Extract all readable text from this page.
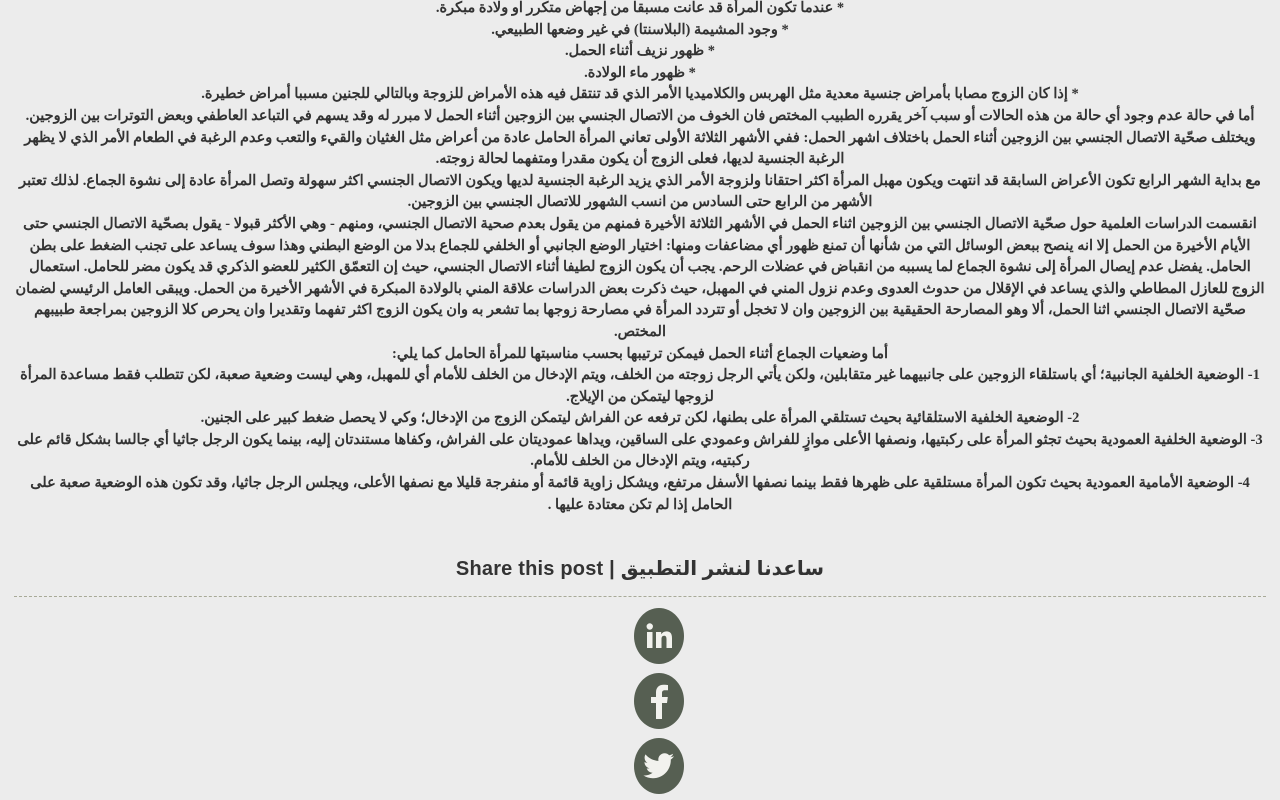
* عندما تكون المرأة قد عانت مسبقا من إجهاض متكرر او ولادة مبكرة.

* وجود المشيمة (البلاسنتا) في غير وضعها الطبيعي.

* ظهور نزيف أثناء الحمل.

* ظهور ماء الولادة.

* إذا كان الزوج مصابا بأمراض جنسية معدية مثل الهربس والكلاميديا الأمر الذي قد تنتقل فيه هذه الأمراض للزوجة وبالتالي للجنين مسببا أمراض خطيرة.

أما في حالة عدم وجود أي حالة من هذه الحالات أو سبب آخر يقرره الطبيب المختص فان الخوف من الاتصال الجنسي بين الزوجين أثناء الحمل لا مبرر له وقد يسهم في التباعد العاطفي وبعض التوترات بين الزوجين. ويختلف صحّية الاتصال الجنسي بين الزوجين أثناء الحمل باختلاف اشهر الحمل: ففي الأشهر الثلاثة الأولى تعاني المرأة الحامل عادة من أعراض مثل الغثيان والقيء والتعب وعدم الرغبة في الطعام الأمر الذي لا يظهر الرغبة الجنسية لديها، فعلى الزوج أن يكون مقدرا ومتفهما لحالة زوجته.

مع بداية الشهر الرابع تكون الأعراض السابقة قد انتهت ويكون مهبل المرأة اكثر احتقانا ولزوجة الأمر الذي يزيد الرغبة الجنسية لديها ويكون الاتصال الجنسي اكثر سهولة وتصل المرأة عادة إلى نشوة الجماع. لذلك تعتبر الأشهر من الرابع حتى السادس من انسب الشهور للاتصال الجنسي بين الزوجين.

انقسمت الدراسات العلمية حول صحّية الاتصال الجنسي بين الزوجين اثناء الحمل في الأشهر الثلاثة الأخيرة فمنهم من يقول بعدم صحية الاتصال الجنسي، ومنهم - وهي الأكثر قبولا - يقول بصحّية الاتصال الجنسي حتى الأيام الأخيرة من الحمل إلا انه ينصح ببعض الوسائل التي من شأنها أن تمنع ظهور أي مضاعفات ومنها: اختيار الوضع الجانبي أو الخلفي للجماع بدلا من الوضع البطني وهذا سوف يساعد على تجنب الضغط على بطن الحامل. يفضل عدم إيصال المرأة إلى نشوة الجماع لما يسببه من انقباض في عضلات الرحم. يجب أن يكون الزوج لطيفا أثناء الاتصال الجنسي، حيث إن التعمّق الكثير للعضو الذكري قد يكون مضر للحامل. استعمال الزوج للعازل المطاطي والذي يساعد في الإقلال من حدوث العدوى وعدم نزول المني في المهبل، حيث ذكرت بعض الدراسات علاقة المني بالولادة المبكرة في الأشهر الأخيرة من الحمل. ويبقى العامل الرئيسي لضمان صحّية الاتصال الجنسي اثنا الحمل، ألا وهو المصارحة الحقيقية بين الزوجين وان لا تخجل أو تتردد المرأة في مصارحة زوجها بما تشعر به وان يكون الزوج اكثر تفهما وتقديرا وان يحرص كلا الزوجين بمراجعة طبيبهم المختص.

أما وضعيات الجماع أثناء الحمل فيمكن ترتيبها بحسب مناسبتها للمرأة الحامل كما يلي:

1- الوضعية الخلفية الجانبية؛ أي باستلقاء الزوجين على جانبيهما غير متقابلين، ولكن يأتي الرجل زوجته من الخلف، ويتم الإدخال من الخلف للأمام أي للمهبل، وهي ليست وضعية صعبة، لكن تتطلب فقط مساعدة المرأة لزوجها ليتمكن من الإيلاج.

2- الوضعية الخلفية الاستلقائية بحيث تستلقي المرأة على بطنها، لكن ترفعه عن الفراش ليتمكن الزوج من الإدخال؛ وكي لا يحصل ضغط كبير على الجنين.

3- الوضعية الخلفية العمودية بحيث تجثو المرأة على ركبتيها، ونصفها الأعلى موازٍ للفراش وعمودي على الساقين، ويداها عموديتان على الفراش، وكفاها مستندتان إليه، بينما يكون الرجل جاثيا أي جالسا بشكل قائم على ركبتيه، ويتم الإدخال من الخلف للأمام.

4- الوضعية الأمامية العمودية بحيث تكون المرأة مستلقية على ظهرها فقط بينما نصفها الأسفل مرتفع، ويشكل زاوية قائمة أو منفرجة قليلا مع نصفها الأعلى، ويجلس الرجل جاثيا، وقد تكون هذه الوضعية صعبة على الحامل إذا لم تكن معتادة عليها .

Share this post | ساعدنا لنشر التطبيق
